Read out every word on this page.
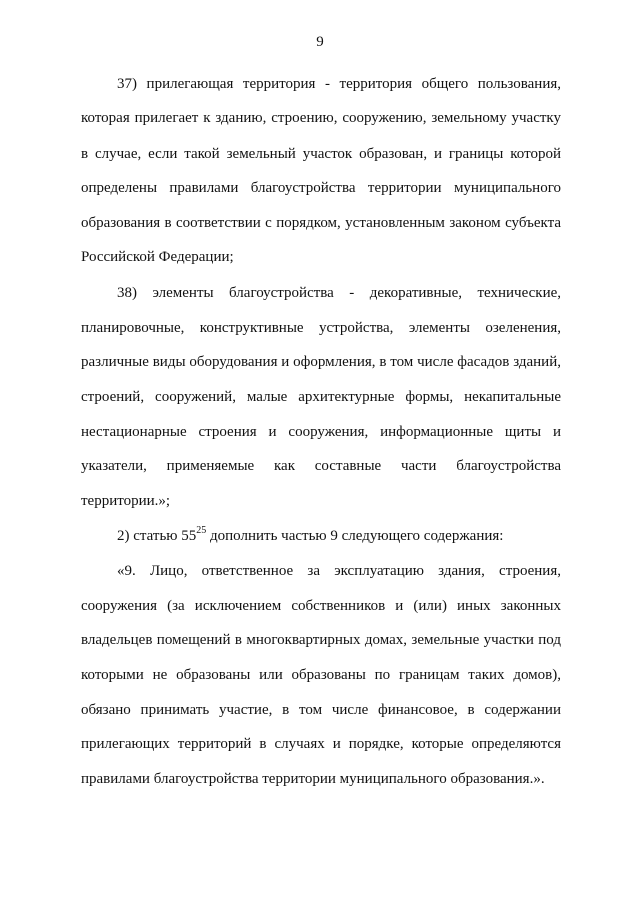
9
37) прилегающая территория - территория общего пользования,
которая прилегает к зданию, строению, сооружению, земельному участку
в случае, если такой земельный участок образован, и границы которой
определены правилами благоустройства территории муниципального
образования в соответствии с порядком, установленным законом субъекта
Российской Федерации;
38) элементы благоустройства - декоративные, технические,
планировочные, конструктивные устройства, элементы озеленения,
различные виды оборудования и оформления, в том числе фасадов зданий,
строений, сооружений, малые архитектурные формы, некапитальные
нестационарные строения и сооружения, информационные щиты и
указатели, применяемые как составные части благоустройства
территории.»;
2) статью $55^{25}$ дополнить частью 9 следующего содержания:
«9. Лицо, ответственное за эксплуатацию здания, строения,
сооружения (за исключением собственников и (или) иных законных
владельцев помещений в многоквартирных домах, земельные участки под
которыми не образованы или образованы по границам таких домов),
обязано принимать участие, в том числе финансовое, в содержании
прилегающих территорий в случаях и порядке, которые определяются
правилами благоустройства территории муниципального образования.».
